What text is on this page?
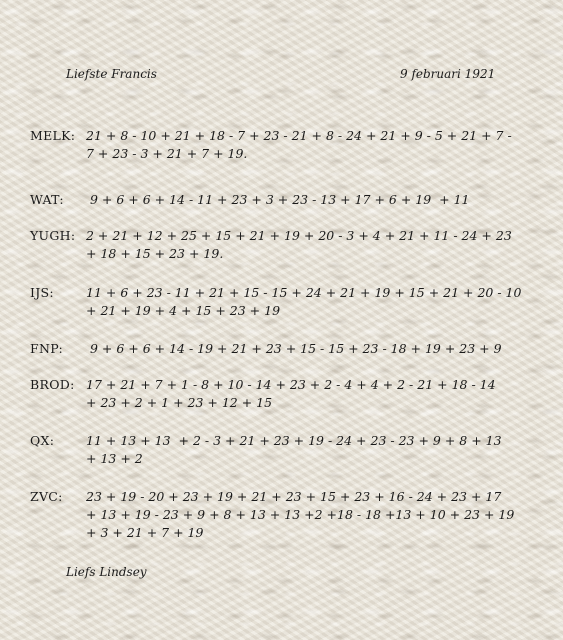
Liefste Francis	9 februari 1921
MELK: 21 + 8 - 10 + 21 + 18 - 7 + 23 - 21 + 8 - 24 + 21 + 9 - 5 + 21 + 7 -
7 + 23 - 3 + 21 + 7 + 19.
WAT:	9 + 6 + 6 + 14 - 11 + 23 + 3 + 23 - 13 + 17 + 6 + 19  + 11
YUGH: 2 + 21 + 12 + 25 + 15 + 21 + 19 + 20 - 3 + 4 + 21 + 11 - 24 + 23
+ 18 + 15 + 23 + 19.
IJS:	11 + 6 + 23 - 11 + 21 + 15 - 15 + 24 + 21 + 19 + 15 + 21 + 20 - 10
+ 21 + 19 + 4 + 15 + 23 + 19
FNP:	9 + 6 + 6 + 14 - 19 + 21 + 23 + 15 - 15 + 23 - 18 + 19 + 23 + 9
BROD: 17 + 21 + 7 + 1 - 8 + 10 - 14 + 23 + 2 - 4 + 4 + 2 - 21 + 18 - 14
+ 23 + 2 + 1 + 23 + 12 + 15
QX:	11 + 13 + 13  + 2 - 3 + 21 + 23 + 19 - 24 + 23 - 23 + 9 + 8 + 13
+ 13 + 2
ZVC:	23 + 19 - 20 + 23 + 19 + 21 + 23 + 15 + 23 + 16 - 24 + 23 + 17
+ 13 + 19 - 23 + 9 + 8 + 13 + 13 +2 +18 - 18 +13 + 10 + 23 + 19
+ 3 + 21 + 7 + 19
Liefs Lindsey
